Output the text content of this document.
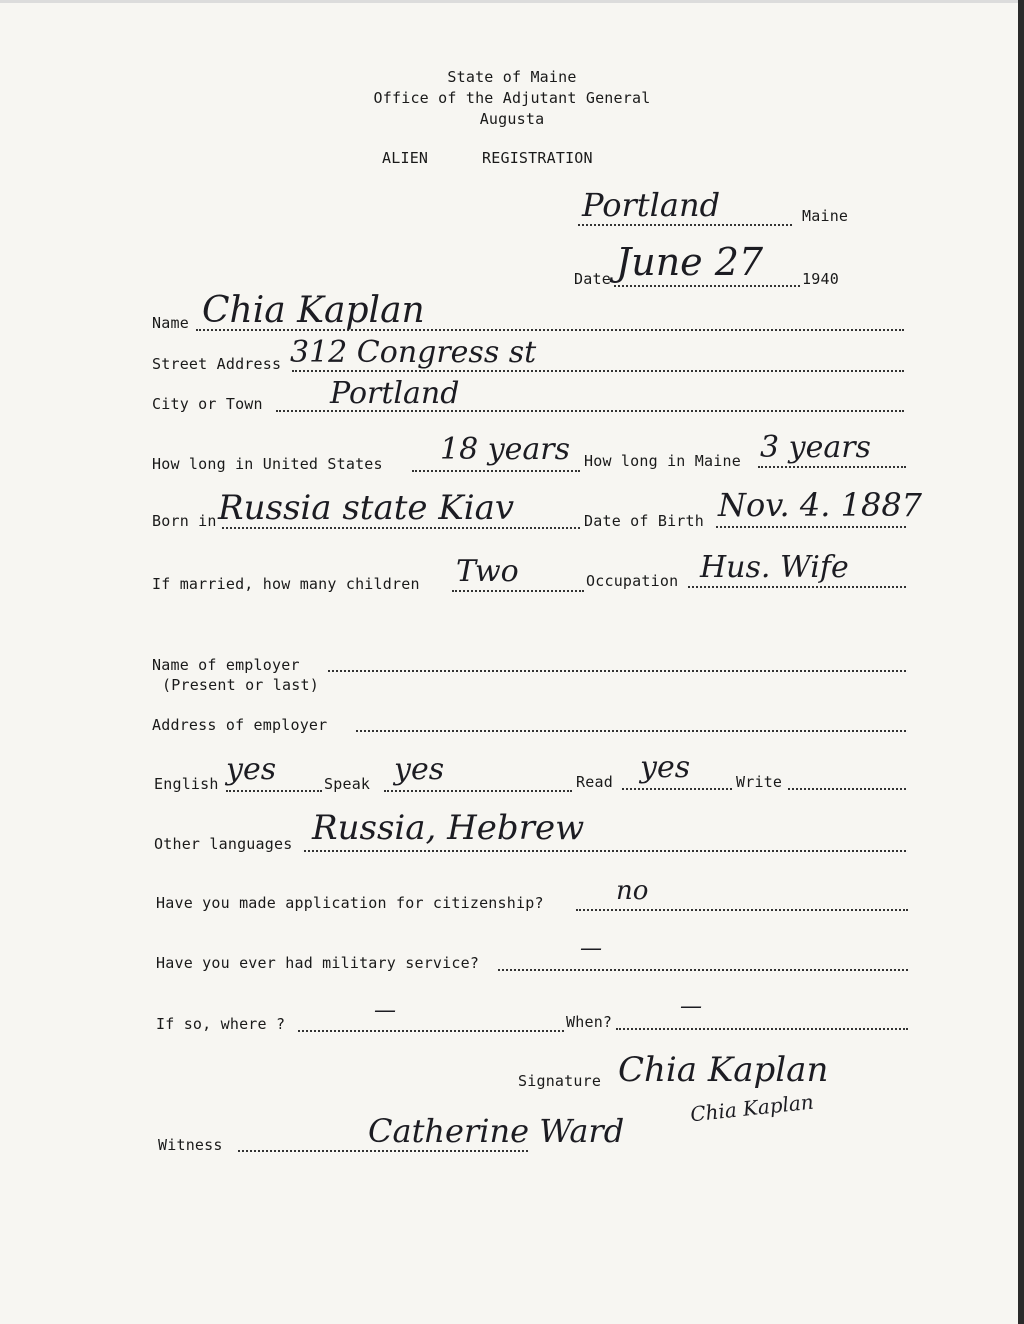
State of Maine
Office of the Adjutant General
Augusta
ALIEN	REGISTRATION
Portland	Maine
Date June 27	1940
Name Chia Kaplan
Street Address 312 Congress st
City or Town Portland
How long in United States 18 years How long in Maine 3 years
Born in Russia state Kiav	Date of Birth Nov. 4. 1887
If married, how many children Two	Occupation Hus. Wife
Name of employer
(Present or last)
Address of employer
English yes	Speak yes	Read yes	Write
Other languages Russia, Hebrew
Have you made application for citizenship?	no
Have you ever had military service?
—
If so, where ?
—	When?
—
Signature Chia Kaplan
Chia Kaplan
Witness	Catherine Ward
